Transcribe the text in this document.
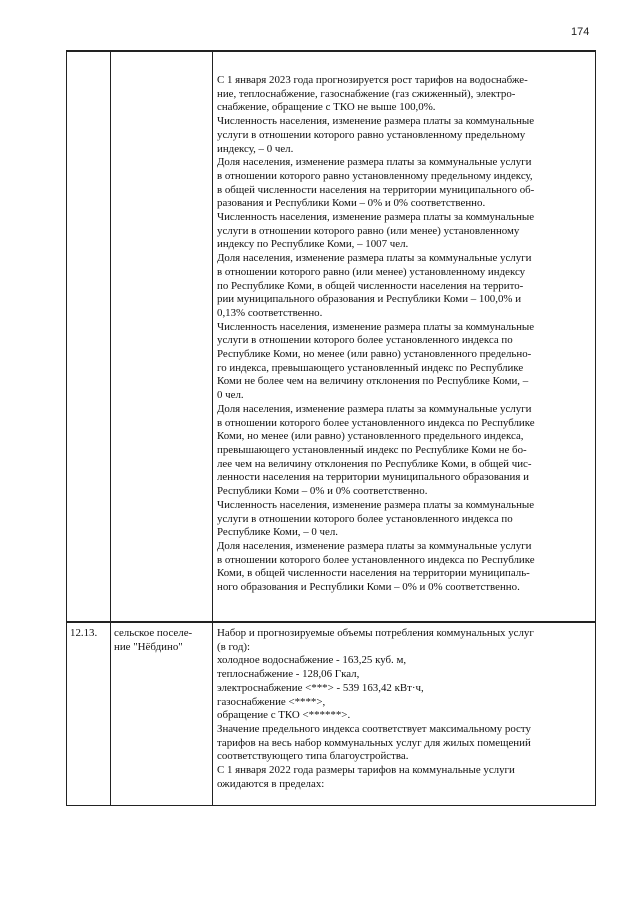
174
С 1 января 2023 года прогнозируется рост тарифов на водоснабже-
ние, теплоснабжение, газоснабжение (газ сжиженный), электро-
снабжение, обращение с ТКО не выше 100,0%.
Численность населения, изменение размера платы за коммунальные
услуги в отношении которого равно установленному предельному
индексу, – 0 чел.
Доля населения, изменение размера платы за коммунальные услуги
в отношении которого равно установленному предельному индексу,
в общей численности населения на территории муниципального об-
разования и Республики Коми – 0% и 0% соответственно.
Численность населения, изменение размера платы за коммунальные
услуги в отношении которого равно (или менее) установленному
индексу по Республике Коми, – 1007 чел.
Доля населения, изменение размера платы за коммунальные услуги
в отношении которого равно (или менее) установленному индексу
по Республике Коми, в общей численности населения на террито-
рии муниципального образования и Республики Коми – 100,0% и
0,13% соответственно.
Численность населения, изменение размера платы за коммунальные
услуги в отношении которого более установленного индекса по
Республике Коми, но менее (или равно) установленного предельно-
го индекса, превышающего установленный индекс по Республике
Коми не более чем на величину отклонения по Республике Коми, –
0 чел.
Доля населения, изменение размера платы за коммунальные услуги
в отношении которого более установленного индекса по Республике
Коми, но менее (или равно) установленного предельного индекса,
превышающего установленный индекс по Республике Коми не бо-
лее чем на величину отклонения по Республике Коми, в общей чис-
ленности населения на территории муниципального образования и
Республики Коми – 0% и 0% соответственно.
Численность населения, изменение размера платы за коммунальные
услуги в отношении которого более установленного индекса по
Республике Коми, – 0 чел.
Доля населения, изменение размера платы за коммунальные услуги
в отношении которого более установленного индекса по Республике
Коми, в общей численности населения на территории муниципаль-
ного образования и Республики Коми – 0% и 0% соответственно.
12.13.	сельское поселе-
ние "Нёбдино"
Набор и прогнозируемые объемы потребления коммунальных услуг
(в год):
холодное водоснабжение - 163,25 куб. м,
теплоснабжение - 128,06 Гкал,
электроснабжение <***> - 539 163,42 кВт·ч,
газоснабжение <****>,
обращение с ТКО <******>.
Значение предельного индекса соответствует максимальному росту
тарифов на весь набор коммунальных услуг для жилых помещений
соответствующего типа благоустройства.
С 1 января 2022 года размеры тарифов на коммунальные услуги
ожидаются в пределах:
